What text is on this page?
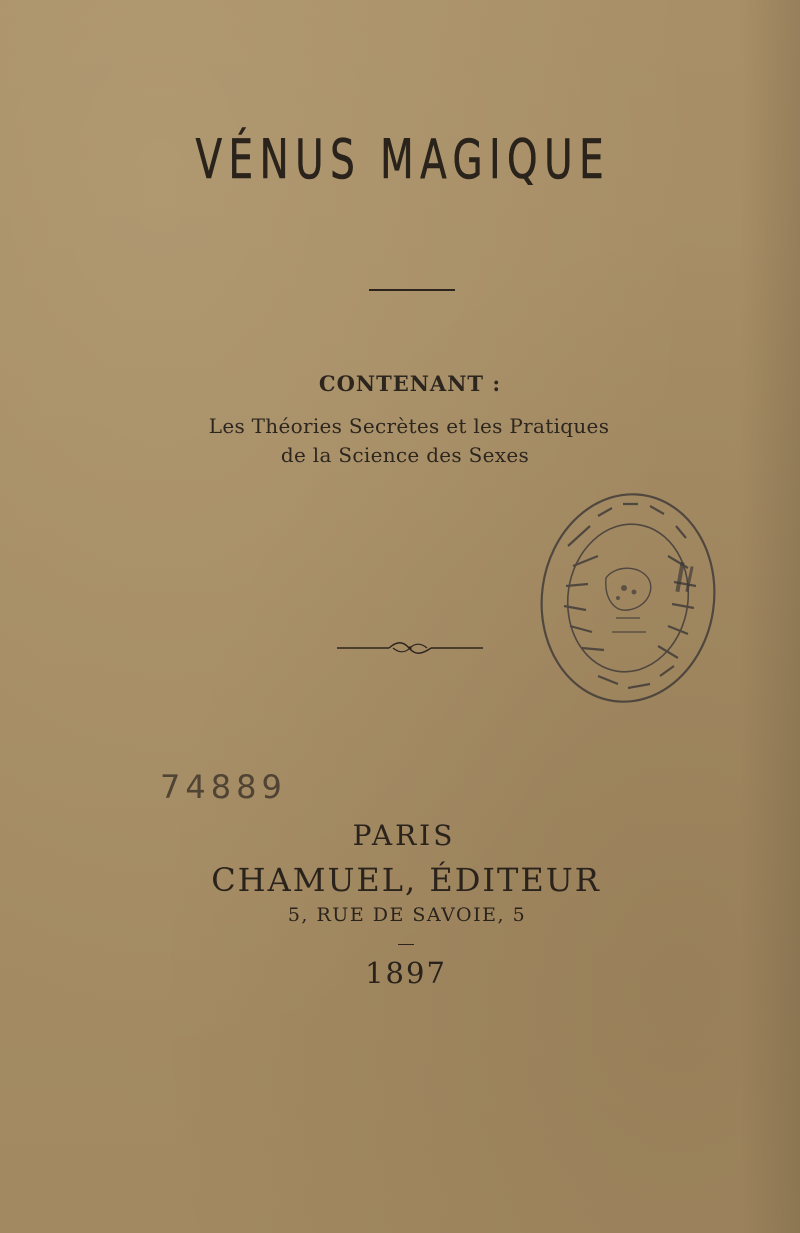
VÉNUS MAGIQUE
CONTENANT :
Les Théories Secrètes et les Pratiques
de la Science des Sexes
74889
PARIS
CHAMUEL, ÉDITEUR
5, RUE DE SAVOIE, 5
1897
